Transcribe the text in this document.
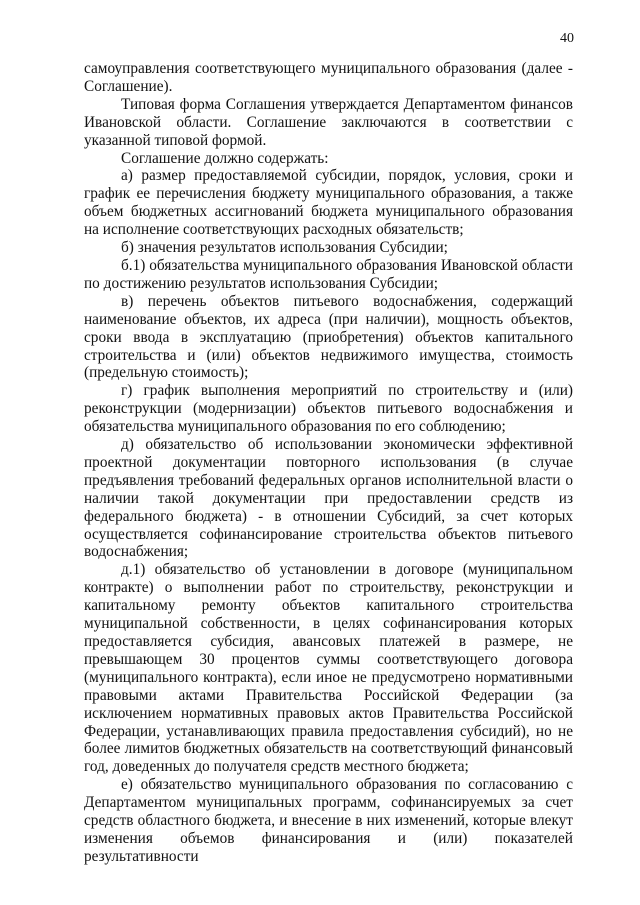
40

самоуправления соответствующего муниципального образования (далее - Соглашение).

Типовая форма Соглашения утверждается Департаментом финансов Ивановской области. Соглашение заключаются в соответствии с указанной типовой формой.

Соглашение должно содержать:

а) размер предоставляемой субсидии, порядок, условия, сроки и график ее перечисления бюджету муниципального образования, а также объем бюджетных ассигнований бюджета муниципального образования на исполнение соответствующих расходных обязательств;

б) значения результатов использования Субсидии;

б.1) обязательства муниципального образования Ивановской области по достижению результатов использования Субсидии;

в) перечень объектов питьевого водоснабжения, содержащий наименование объектов, их адреса (при наличии), мощность объектов, сроки ввода в эксплуатацию (приобретения) объектов капитального строительства и (или) объектов недвижимого имущества, стоимость (предельную стоимость);

г) график выполнения мероприятий по строительству и (или) реконструкции (модернизации) объектов питьевого водоснабжения и обязательства муниципального образования по его соблюдению;

д) обязательство об использовании экономически эффективной проектной документации повторного использования (в случае предъявления требований федеральных органов исполнительной власти о наличии такой документации при предоставлении средств из федерального бюджета) - в отношении Субсидий, за счет которых осуществляется софинансирование строительства объектов питьевого водоснабжения;

д.1) обязательство об установлении в договоре (муниципальном контракте) о выполнении работ по строительству, реконструкции и капитальному ремонту объектов капитального строительства муниципальной собственности, в целях софинансирования которых предоставляется субсидия, авансовых платежей в размере, не превышающем 30 процентов суммы соответствующего договора (муниципального контракта), если иное не предусмотрено нормативными правовыми актами Правительства Российской Федерации (за исключением нормативных правовых актов Правительства Российской Федерации, устанавливающих правила предоставления субсидий), но не более лимитов бюджетных обязательств на соответствующий финансовый год, доведенных до получателя средств местного бюджета;

е) обязательство муниципального образования по согласованию с Департаментом муниципальных программ, софинансируемых за счет средств областного бюджета, и внесение в них изменений, которые влекут изменения объемов финансирования и (или) показателей результативности
